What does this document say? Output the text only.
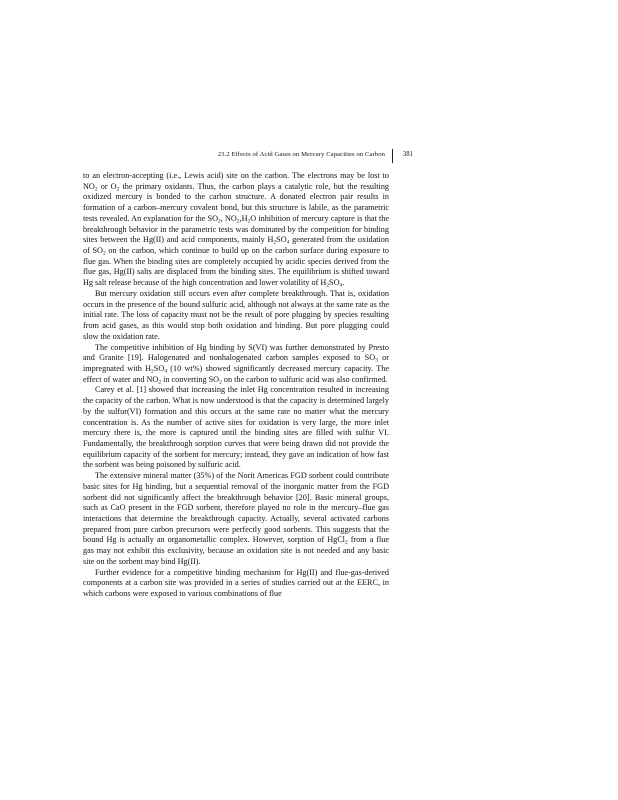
23.2 Effects of Acid Gases on Mercury Capacities on Carbon	381

to an electron-accepting (i.e., Lewis acid) site on the carbon. The electrons may be lost to $NO_2$ or $O_2$ the primary oxidants. Thus, the carbon plays a catalytic role, but the resulting oxidized mercury is bonded to the carbon structure. A donated electron pair results in formation of a carbon–mercury covalent bond, but this structure is labile, as the parametric tests revealed. An explanation for the $SO_2$, $NO_2,H_2O$ inhibition of mercury capture is that the breakthrough behavior in the parametric tests was dominated by the competition for binding sites between the Hg(II) and acid components, mainly $H_2SO_4$ generated from the oxidation of $SO_2$ on the carbon, which continue to build up on the carbon surface during exposure to flue gas. When the binding sites are completely occupied by acidic species derived from the flue gas, Hg(II) salts are displaced from the binding sites. The equilibrium is shifted toward Hg salt release because of the high concentration and lower volatility of $H_2SO_4$.

But mercury oxidation still occurs even after complete breakthrough. That is, oxidation occurs in the presence of the bound sulfuric acid, although not always at the same rate as the initial rate. The loss of capacity must not be the result of pore plugging by species resulting from acid gases, as this would stop both oxidation and binding. But pore plugging could slow the oxidation rate.

The competitive inhibition of Hg binding by S(VI) was further demonstrated by Presto and Granite [19]. Halogenated and nonhalogenated carbon samples exposed to $SO_3$ or impregnated with $H_2SO_4$ (10 wt%) showed significantly decreased mercury capacity. The effect of water and $NO_2$ in converting $SO_2$ on the carbon to sulfuric acid was also confirmed.

Carey et al. [1] showed that increasing the inlet Hg concentration resulted in increasing the capacity of the carbon. What is now understood is that the capacity is determined largely by the sulfur(VI) formation and this occurs at the same rate no matter what the mercury concentration is. As the number of active sites for oxidation is very large, the more inlet mercury there is, the more is captured until the binding sites are filled with sulfur VI. Fundamentally, the breakthrough sorption curves that were being drawn did not provide the equilibrium capacity of the sorbent for mercury; instead, they gave an indication of how fast the sorbent was being poisoned by sulfuric acid.

The extensive mineral matter (35%) of the Norit Americas FGD sorbent could contribute basic sites for Hg binding, but a sequential removal of the inorganic matter from the FGD sorbent did not significantly affect the breakthrough behavior [20]. Basic mineral groups, such as CaO present in the FGD sorbent, therefore played no role in the mercury–flue gas interactions that determine the breakthrough capacity. Actually, several activated carbons prepared from pure carbon precursors were perfectly good sorbents. This suggests that the bound Hg is actually an organometallic complex. However, sorption of HgCl$_2$ from a flue gas may not exhibit this exclusivity, because an oxidation site is not needed and any basic site on the sorbent may bind Hg(II).

Further evidence for a competitive binding mechanism for Hg(II) and flue-gas-derived components at a carbon site was provided in a series of studies carried out at the EERC, in which carbons were exposed to various combinations of flue
